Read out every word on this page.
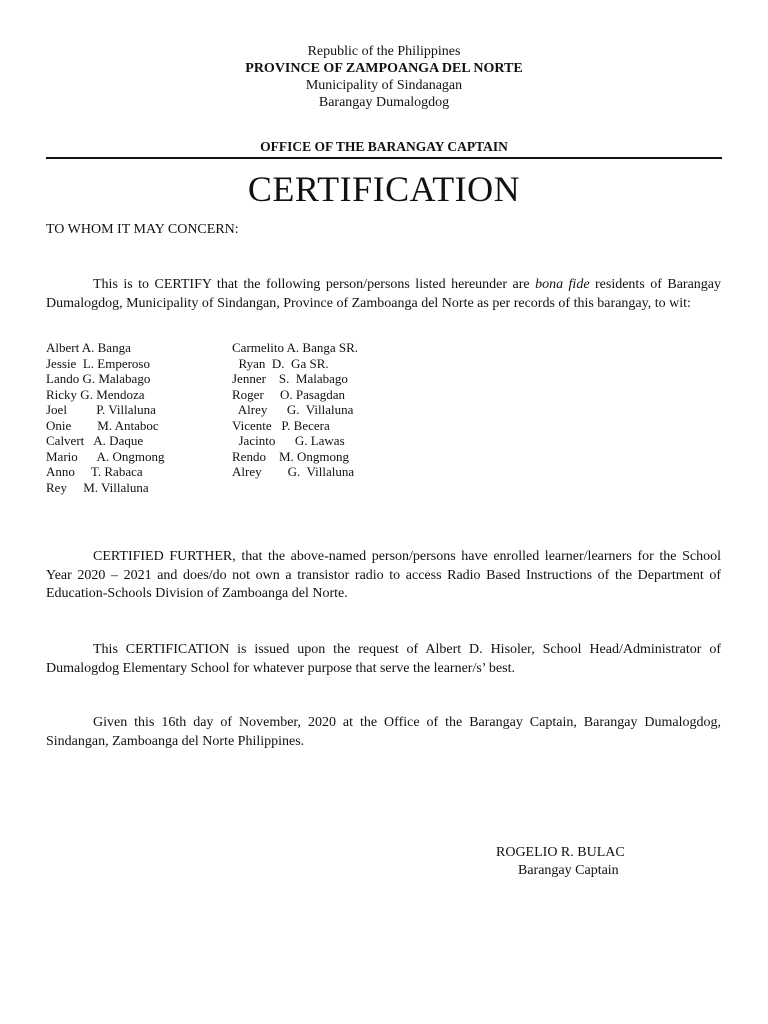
Republic of the Philippines
PROVINCE OF ZAMPOANGA DEL NORTE
Municipality of Sindanagan
Barangay Dumalogdog
OFFICE OF THE BARANGAY CAPTAIN
CERTIFICATION
TO WHOM IT MAY CONCERN:
This is to CERTIFY that the following person/persons listed hereunder are bona fide residents of Barangay Dumalogdog, Municipality of Sindangan, Province of Zamboanga del Norte as per records of this barangay, to wit:
Albert A. Banga
Jessie  L. Emperoso
Lando G. Malabago
Ricky G. Mendoza
Joel         P. Villaluna
Onie        M. Antaboc
Calvert   A. Daque
Mario      A. Ongmong
Anno     T. Rabaca
Rey     M. Villaluna
Carmelito A. Banga SR.
Ryan  D.  Ga SR.
Jenner    S.  Malabago
Roger     O. Pasagdan
Alrey      G.  Villaluna
Vicente   P. Becera
Jacinto      G. Lawas
Rendo    M. Ongmong
Alrey        G.  Villaluna
CERTIFIED FURTHER, that the above-named person/persons have enrolled learner/learners for the School Year 2020 – 2021 and does/do not own a transistor radio to access Radio Based Instructions of the Department of Education-Schools Division of Zamboanga del Norte.
This CERTIFICATION is issued upon the request of Albert D. Hisoler, School Head/Administrator of Dumalogdog Elementary School for whatever purpose that serve the learner/s’ best.
Given this 16th day of November, 2020 at the Office of the Barangay Captain, Barangay Dumalogdog, Sindangan, Zamboanga del Norte Philippines.
ROGELIO R. BULAC
Barangay Captain
